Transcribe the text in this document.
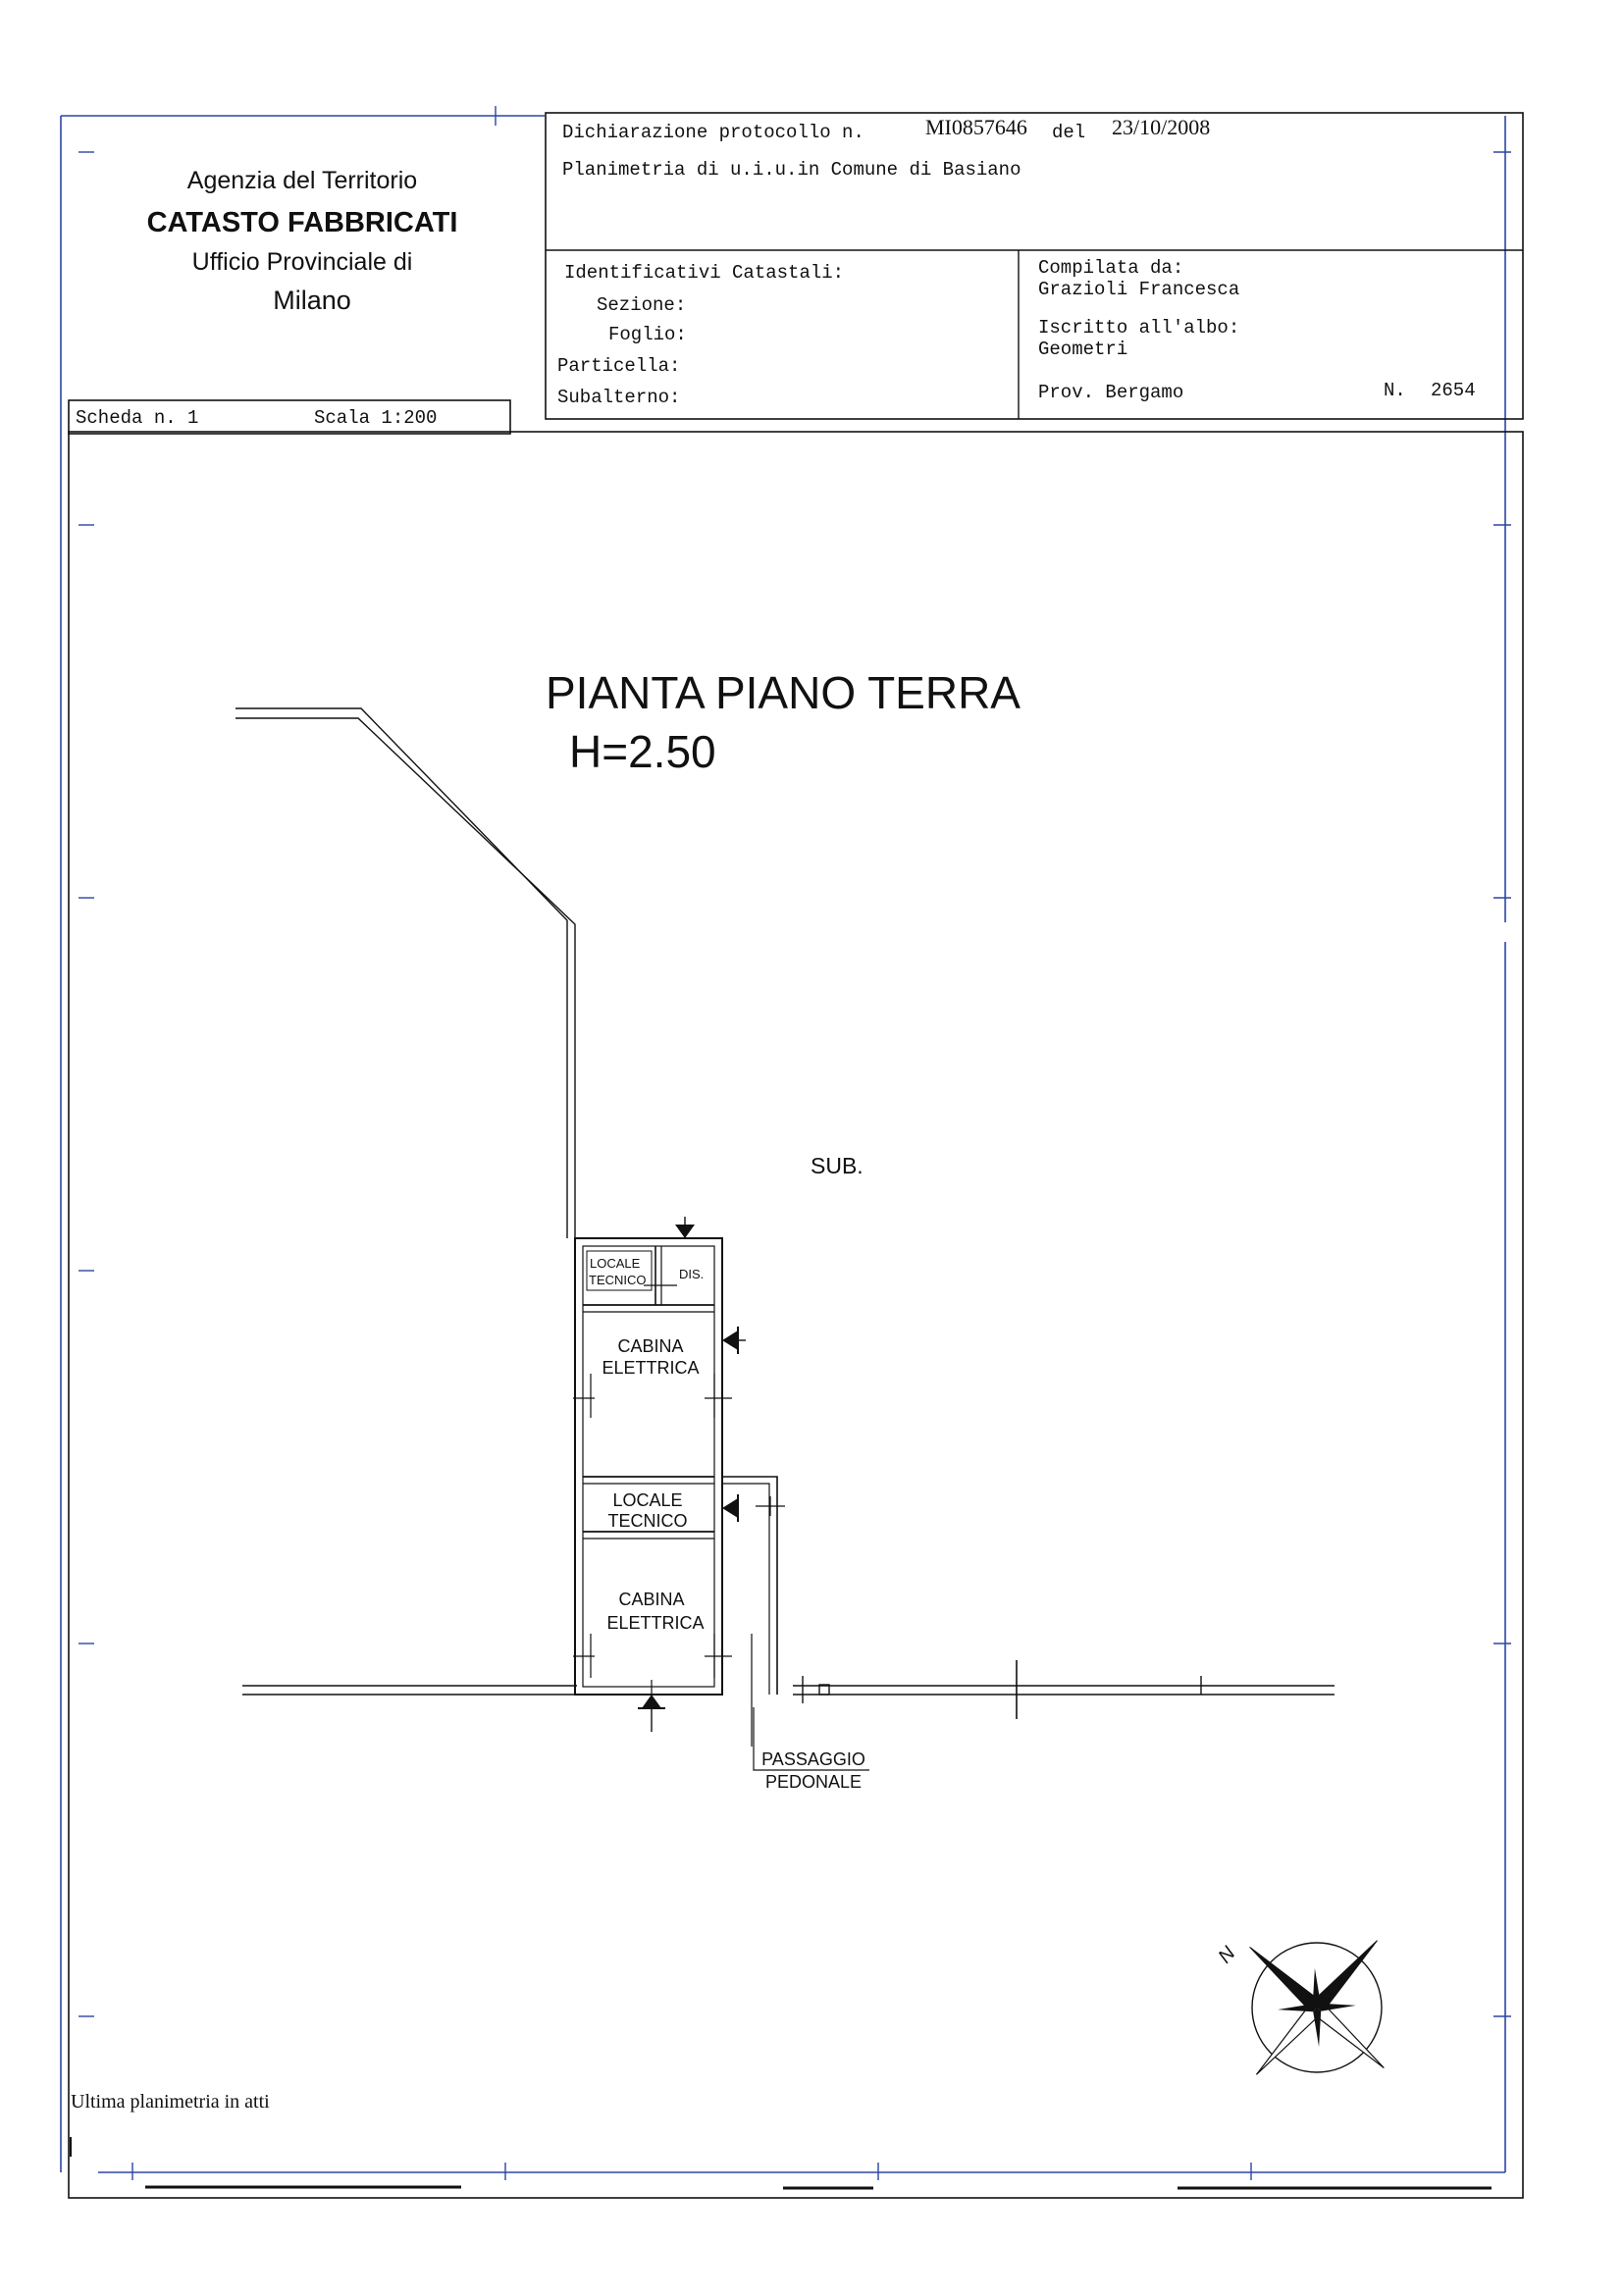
Agenzia del Territorio
CATASTO FABBRICATI
Ufficio Provinciale di
Milano
Dichiarazione protocollo n.	MI0857646 del 23/10/2008
Planimetria di u.i.u.in Comune di Basiano
Identificativi Catastali:
Sezione:
Foglio:
Particella:
Subalterno:
Compilata da:
Grazioli Francesca
Iscritto all'albo:
Geometri
Prov. Bergamo	N. 2654
Scheda n. 1	Scala 1:200
PIANTA PIANO TERRA
H=2.50
SUB.
LOCALE
TECNICO	DIS.
CABINA
ELETTRICA
LOCALE
TECNICO
CABINA
ELETTRICA
PASSAGGIO
PEDONALE
N
Ultima planimetria in atti
